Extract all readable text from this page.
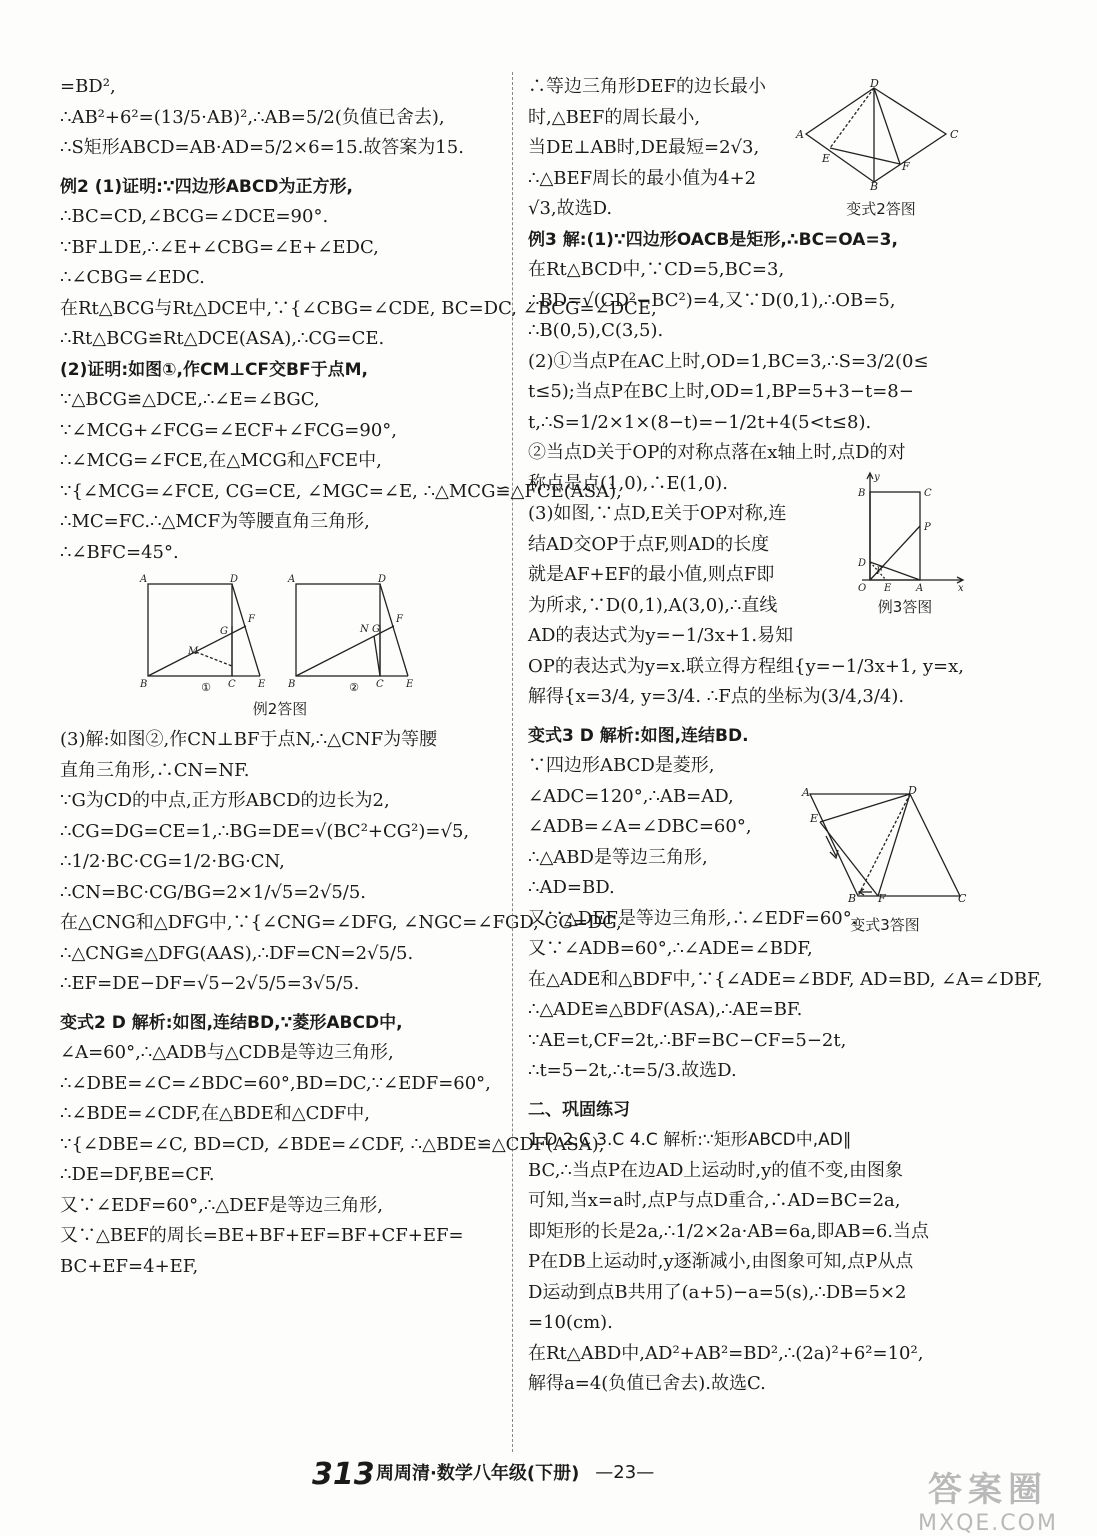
=BD²,
∴AB²+6²=(13/5·AB)²,∴AB=5/2(负值已舍去),
∴S矩形ABCD=AB·AD=5/2×6=15.故答案为15.
例2 (1)证明:∵四边形ABCD为正方形,
∴BC=CD,∠BCG=∠DCE=90°.
∵BF⊥DE,∴∠E+∠CBG=∠E+∠EDC,
∴∠CBG=∠EDC.
在Rt△BCG与Rt△DCE中,∵{∠CBG=∠CDE, BC=DC, ∠BCG=∠DCE,
∴Rt△BCG≌Rt△DCE(ASA),∴CG=CE.
(2)证明:如图①,作CM⊥CF交BF于点M,
∵△BCG≌△DCE,∴∠E=∠BGC,
∵∠MCG+∠FCG=∠ECF+∠FCG=90°,
∴∠MCG=∠FCE,在△MCG和△FCE中,
∵{∠MCG=∠FCE, CG=CE, ∠MGC=∠E, ∴△MCG≌△FCE(ASA),
∴MC=FC.∴△MCF为等腰直角三角形,
∴∠BFC=45°.
A	D
B	C E
F
G
M
①
A	D
B	C E
F
G
N
②
例2答图
(3)解:如图②,作CN⊥BF于点N,∴△CNF为等腰
直角三角形,∴CN=NF.
∵G为CD的中点,正方形ABCD的边长为2,
∴CG=DG=CE=1,∴BG=DE=√(BC²+CG²)=√5,
∴1/2·BC·CG=1/2·BG·CN,
∴CN=BC·CG/BG=2×1/√5=2√5/5.
在△CNG和△DFG中,∵{∠CNG=∠DFG, ∠NGC=∠FGD, CG=DG,
∴△CNG≌△DFG(AAS),∴DF=CN=2√5/5.
∴EF=DE−DF=√5−2√5/5=3√5/5.
变式2 D 解析:如图,连结BD,∵菱形ABCD中,
∠A=60°,∴△ADB与△CDB是等边三角形,
∴∠DBE=∠C=∠BDC=60°,BD=DC,∵∠EDF=60°,
∴∠BDE=∠CDF,在△BDE和△CDF中,
∵{∠DBE=∠C, BD=CD, ∠BDE=∠CDF, ∴△BDE≌△CDF(ASA),
∴DE=DF,BE=CF.
又∵∠EDF=60°,∴△DEF是等边三角形,
又∵△BEF的周长=BE+BF+EF=BF+CF+EF=
BC+EF=4+EF,
∴等边三角形DEF的边长最小
时,△BEF的周长最小,
当DE⊥AB时,DE最短=2√3,
∴△BEF周长的最小值为4+2
√3,故选D.
例3 解:(1)∵四边形OACB是矩形,∴BC=OA=3,
在Rt△BCD中,∵CD=5,BC=3,
∴BD=√(CD²−BC²)=4,又∵D(0,1),∴OB=5,
∴B(0,5),C(3,5).
(2)①当点P在AC上时,OD=1,BC=3,∴S=3/2(0≤
t≤5);当点P在BC上时,OD=1,BP=5+3−t=8−
t,∴S=1/2×1×(8−t)=−1/2t+4(5<t≤8).
②当点D关于OP的对称点落在x轴上时,点D的对
称点是点(1,0),∴E(1,0).
(3)如图,∵点D,E关于OP对称,连
结AD交OP于点F,则AD的长度
就是AF+EF的最小值,则点F即
为所求,∵D(0,1),A(3,0),∴直线
AD的表达式为y=−1/3x+1.易知
OP的表达式为y=x.联立得方程组{y=−1/3x+1, y=x,
解得{x=3/4, y=3/4. ∴F点的坐标为(3/4,3/4).
变式3 D 解析:如图,连结BD.
∵四边形ABCD是菱形,
∠ADC=120°,∴AB=AD,
∠ADB=∠A=∠DBC=60°,
∴△ABD是等边三角形,
∴AD=BD.
又∵△DEF是等边三角形,∴∠EDF=60°.
又∵∠ADB=60°,∴∠ADE=∠BDF,
在△ADE和△BDF中,∵{∠ADE=∠BDF, AD=BD, ∠A=∠DBF,
∴△ADE≌△BDF(ASA),∴AE=BF.
∵AE=t,CF=2t,∴BF=BC−CF=5−2t,
∴t=5−2t,∴t=5/3.故选D.
二、巩固练习
1.D 2.C 3.C 4.C 解析:∵矩形ABCD中,AD∥
BC,∴当点P在边AD上运动时,y的值不变,由图象
可知,当x=a时,点P与点D重合,∴AD=BC=2a,
即矩形的长是2a,∴1/2×2a·AB=6a,即AB=6.当点
P在DB上运动时,y逐渐减小,由图象可知,点P从点
D运动到点B共用了(a+5)−a=5(s),∴DB=5×2
=10(cm).
在Rt△ABD中,AD²+AB²=BD²,∴(2a)²+6²=10²,
解得a=4(负值已舍去).故选C.
D
A	C
E
F
B
变式2答图
y
B	C
P
D
O
F
E A	x
例3答图
A	D
E
B F	C
变式3答图
313 周周清·数学八年级(下册) —23—	答案圈
MXQE.COM
